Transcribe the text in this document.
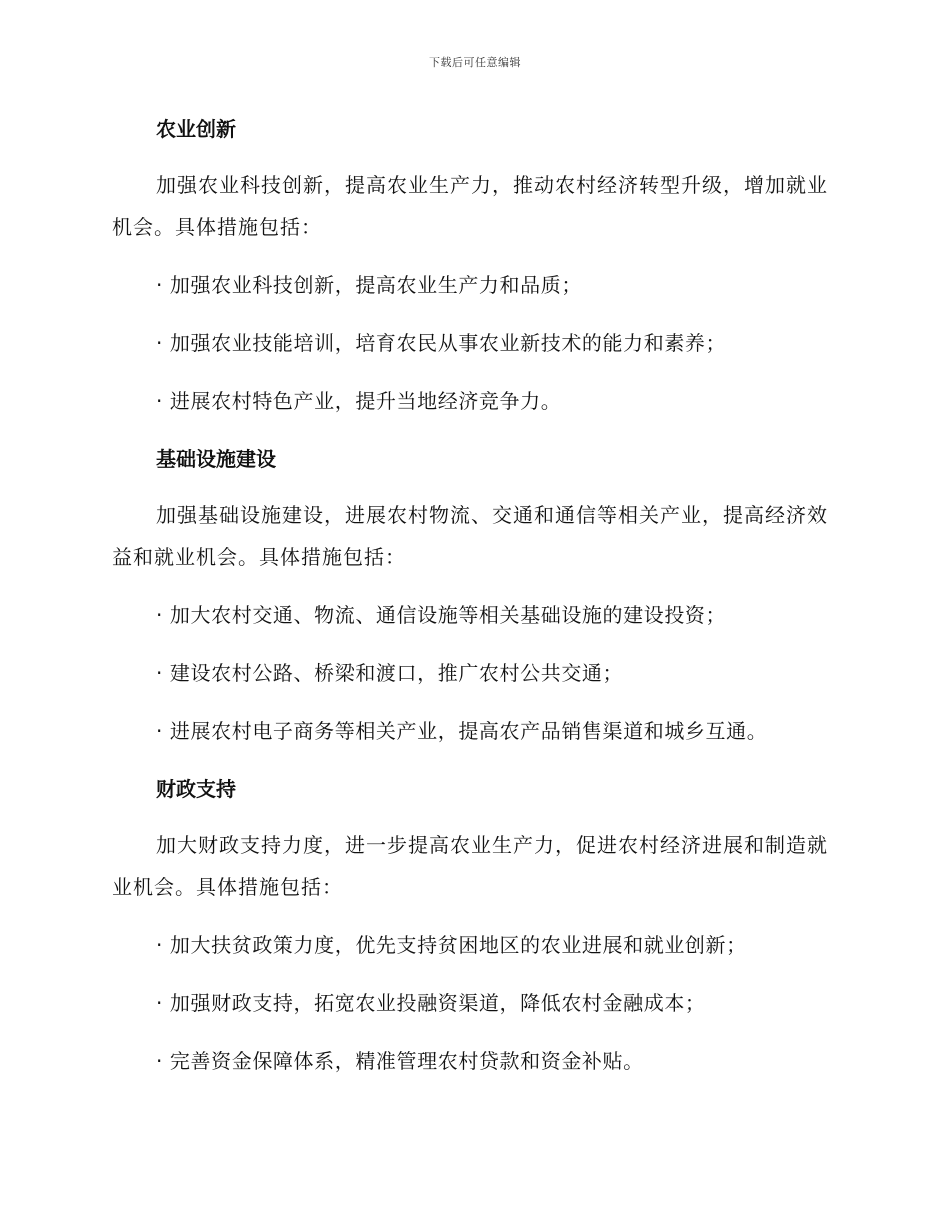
下载后可任意编辑
农业创新

加强农业科技创新，提高农业生产力，推动农村经济转型升级，增加就业机会。具体措施包括：

· 加强农业科技创新，提高农业生产力和品质；

· 加强农业技能培训，培育农民从事农业新技术的能力和素养；

· 进展农村特色产业，提升当地经济竞争力。

基础设施建设

加强基础设施建设，进展农村物流、交通和通信等相关产业，提高经济效益和就业机会。具体措施包括：

· 加大农村交通、物流、通信设施等相关基础设施的建设投资；

· 建设农村公路、桥梁和渡口，推广农村公共交通；

· 进展农村电子商务等相关产业，提高农产品销售渠道和城乡互通。

财政支持

加大财政支持力度，进一步提高农业生产力，促进农村经济进展和制造就业机会。具体措施包括：

· 加大扶贫政策力度，优先支持贫困地区的农业进展和就业创新；

· 加强财政支持，拓宽农业投融资渠道，降低农村金融成本；

· 完善资金保障体系，精准管理农村贷款和资金补贴。
